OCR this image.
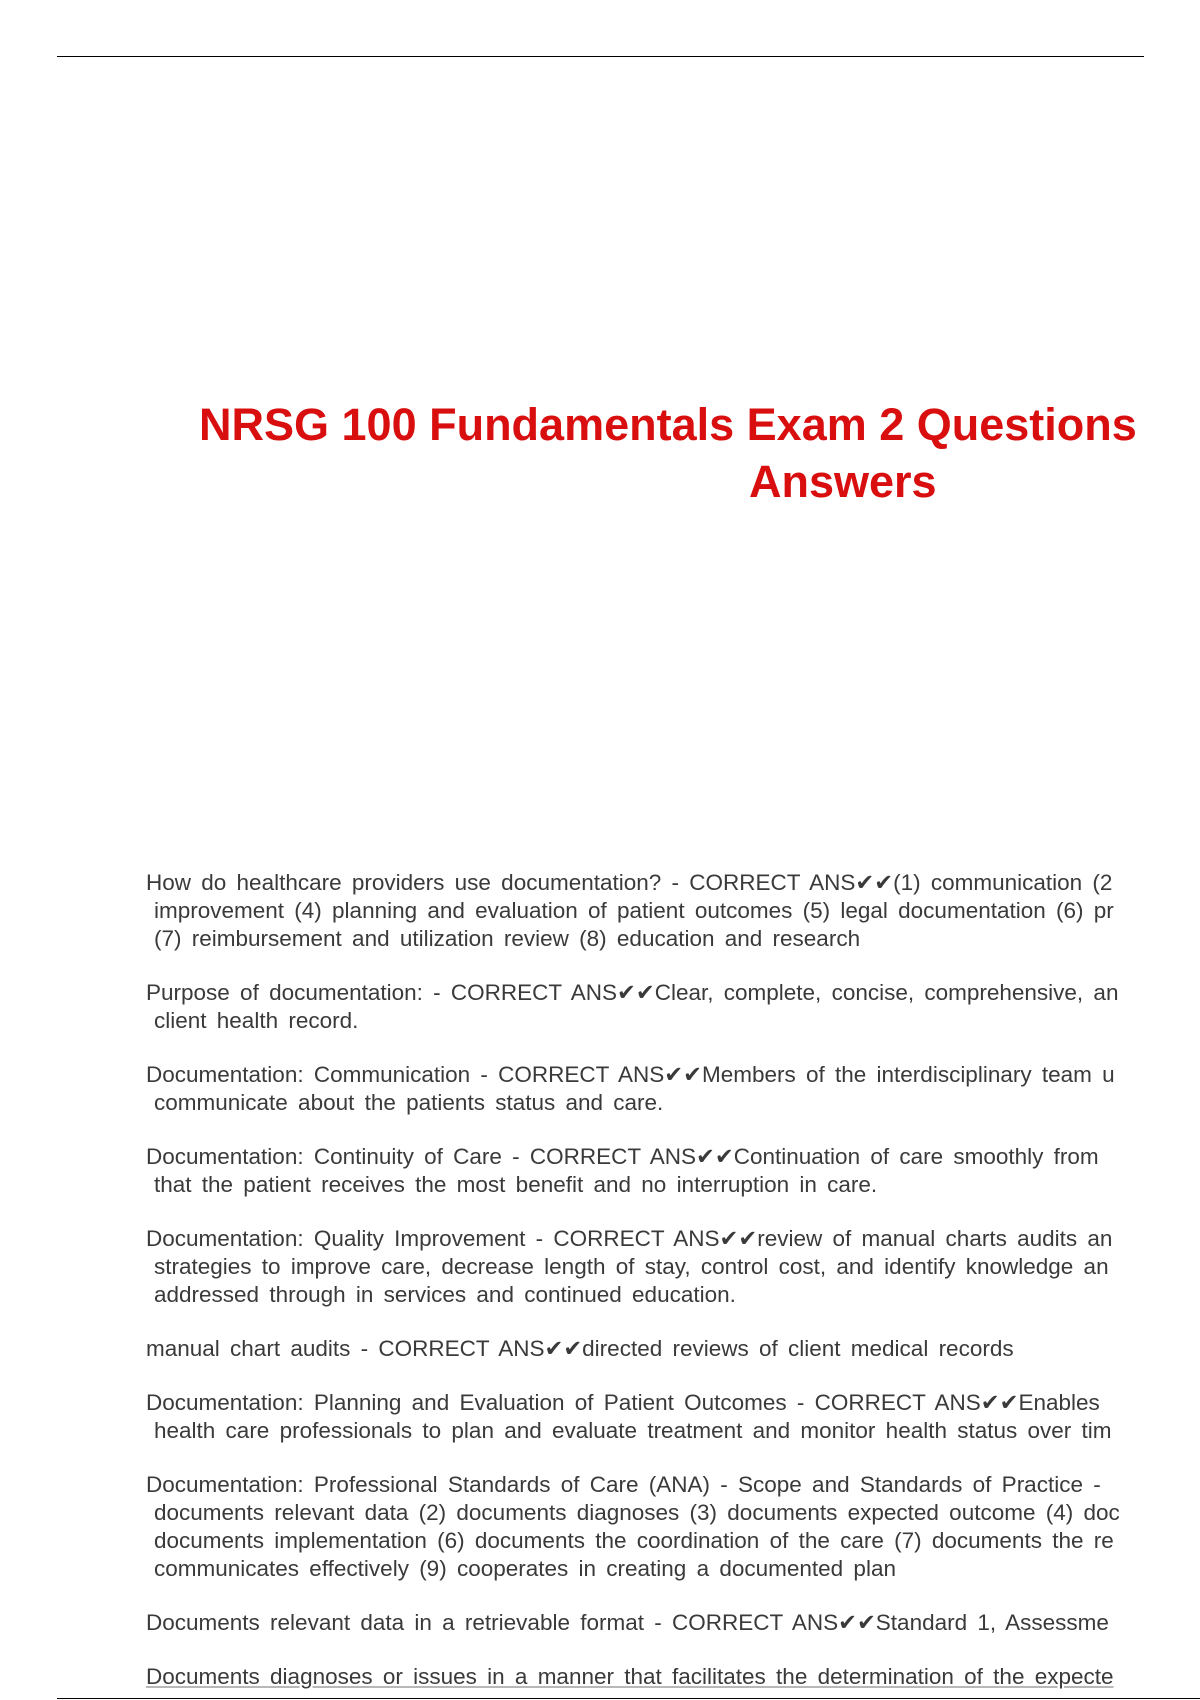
NRSG 100 Fundamentals Exam 2 Questions
Answers
How do healthcare providers use documentation? - CORRECT ANS✔✔(1) communication (2
improvement (4) planning and evaluation of patient outcomes (5) legal documentation (6) pr
(7) reimbursement and utilization review (8) education and research
Purpose of documentation: - CORRECT ANS✔✔Clear, complete, concise, comprehensive, an
client health record.
Documentation: Communication - CORRECT ANS✔✔Members of the interdisciplinary team u
communicate about the patients status and care.
Documentation: Continuity of Care - CORRECT ANS✔✔Continuation of care smoothly from
that the patient receives the most benefit and no interruption in care.
Documentation: Quality Improvement - CORRECT ANS✔✔review of manual charts audits an
strategies to improve care, decrease length of stay, control cost, and identify knowledge an
addressed through in services and continued education.
manual chart audits - CORRECT ANS✔✔directed reviews of client medical records
Documentation: Planning and Evaluation of Patient Outcomes - CORRECT ANS✔✔Enables
health care professionals to plan and evaluate treatment and monitor health status over tim
Documentation: Professional Standards of Care (ANA) - Scope and Standards of Practice -
documents relevant data (2) documents diagnoses (3) documents expected outcome (4) doc
documents implementation (6) documents the coordination of the care (7) documents the re
communicates effectively (9) cooperates in creating a documented plan
Documents relevant data in a retrievable format - CORRECT ANS✔✔Standard 1, Assessme
Documents diagnoses or issues in a manner that facilitates the determination of the expecte
